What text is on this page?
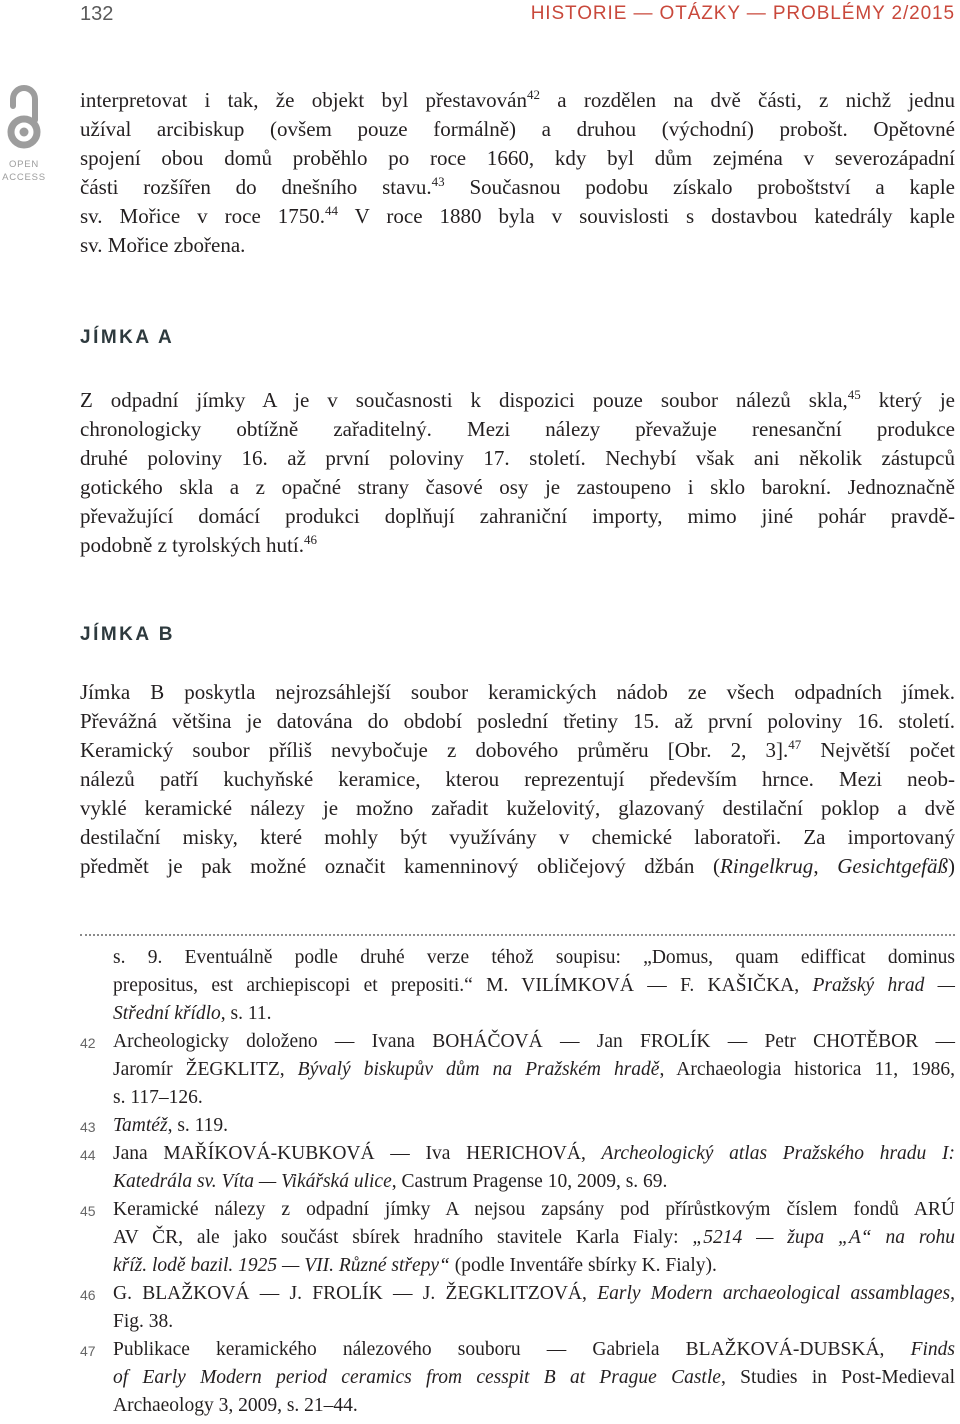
132	HISTORIE — OTÁZKY — PROBLÉMY 2/2015
OPEN
ACCESS
interpretovat i tak, že objekt byl přestavován$^{42}$ a rozdělen na dvě části, z nichž jednu
užíval arcibiskup (ovšem pouze formálně) a druhou (východní) probošt. Opětovné
spojení obou domů proběhlo po roce 1660, kdy byl dům zejména v severozápadní
části rozšířen do dnešního stavu.$^{43}$ Současnou podobu získalo proboštství a kaple
sv. Mořice v roce 1750.44 V roce 1880 byla v souvislosti s dostavbou katedrály kaple
sv. Mořice zbořena.
JÍMKA A
Z odpadní jímky A je v současnosti k dispozici pouze soubor nálezů skla,$^{45}$ který je
chronologicky obtížně zařaditelný. Mezi nálezy převažuje renesanční produkce
druhé poloviny 16. až první poloviny 17. století. Nechybí však ani několik zástupců
gotického skla a z opačné strany časové osy je zastoupeno i sklo barokní. Jednoznačně
převažující domácí produkci doplňují zahraniční importy, mimo jiné pohár pravdě-
podobně z tyrolských hutí.$^{46}$
JÍMKA B
Jímka B poskytla nejrozsáhlejší soubor keramických nádob ze všech odpadních jímek.
Převážná většina je datována do období poslední třetiny 15. až první poloviny 16. století.
Keramický soubor příliš nevybočuje z dobového průměru [Obr. 2, 3].$^{47}$ Největší počet
nálezů patří kuchyňské keramice, kterou reprezentují především hrnce. Mezi neob-
vyklé keramické nálezy je možno zařadit kuželovitý, glazovaný destilační poklop a dvě
destilační misky, které mohly být využívány v chemické laboratoři. Za importovaný
předmět je pak možné označit kamenninový obličejový džbán (Ringelkrug, Gesichtgefäß)
s. 9. Eventuálně podle druhé verze téhož soupisu: „Domus, quam edifficat dominus
prepositus, est archiepiscopi et prepositi.“ M. VILÍMKOVÁ — F. KAŠIČKA, Pražský hrad —
Střední křídlo, s. 11.
42 Archeologicky doloženo — Ivana BOHÁČOVÁ — Jan FROLÍK — Petr CHOTĚBOR —
Jaromír ŽEGKLITZ, Bývalý biskupův dům na Pražském hradě, Archaeologia historica 11, 1986,
s. 117–126.
43 Tamtéž, s. 119.
44 Jana MAŘÍKOVÁ-KUBKOVÁ — Iva HERICHOVÁ, Archeologický atlas Pražského hradu I:
Katedrála sv. Víta — Vikářská ulice, Castrum Pragense 10, 2009, s. 69.
45 Keramické nálezy z odpadní jímky A nejsou zapsány pod přírůstkovým číslem fondů ARÚ
AV ČR, ale jako součást sbírek hradního stavitele Karla Fialy: „5214 — župa „A“ na rohu
kříž. lodě bazil. 1925 — VII. Různé střepy“ (podle Inventáře sbírky K. Fialy).
46 G. BLAŽKOVÁ — J. FROLÍK — J. ŽEGKLITZOVÁ, Early Modern archaeological assamblages,
Fig. 38.
47 Publikace keramického nálezového souboru — Gabriela BLAŽKOVÁ-DUBSKÁ, Finds
of Early Modern period ceramics from cesspit B at Prague Castle, Studies in Post-Medieval
Archaeology 3, 2009, s. 21–44.
